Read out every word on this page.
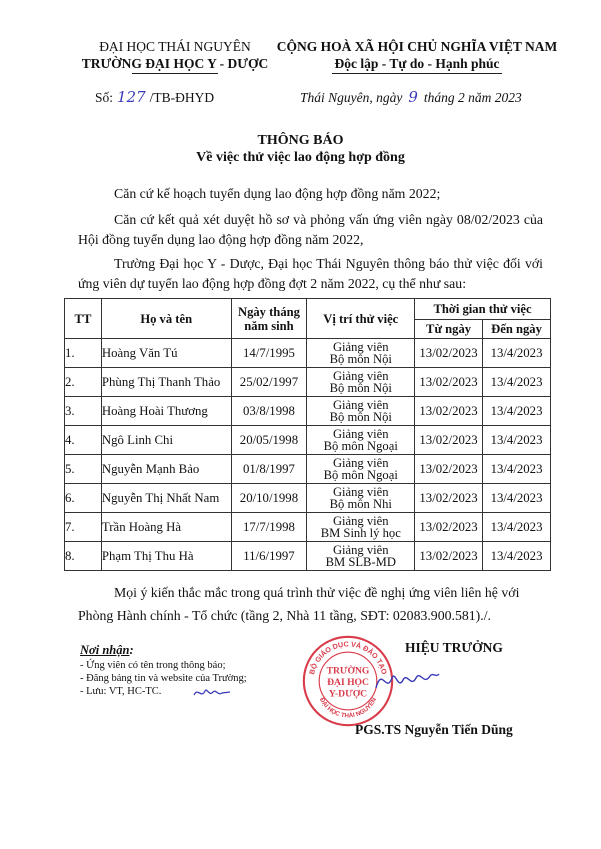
ĐẠI HỌC THÁI NGUYÊN
TRƯỜNG ĐẠI HỌC Y - DƯỢC
CỘNG HOÀ XÃ HỘI CHỦ NGHĨA VIỆT NAM
Độc lập - Tự do - Hạnh phúc
Số: 127 /TB-ĐHYD	Thái Nguyên, ngày 9 tháng 2 năm 2023
THÔNG BÁO
Về việc thử việc lao động hợp đồng
Căn cứ kế hoạch tuyển dụng lao động hợp đồng năm 2022;
Căn cứ kết quả xét duyệt hồ sơ và phỏng vấn ứng viên ngày 08/02/2023 của Hội đồng tuyển dụng lao động hợp đồng năm 2022,
Trường Đại học Y - Dược, Đại học Thái Nguyên thông báo thử việc đối với ứng viên dự tuyển lao động hợp đồng đợt 2 năm 2022, cụ thể như sau:
TT	Họ và tên	Ngày tháng năm sinh	Vị trí thử việc	Thời gian thử việc	
				Từ ngày	Đến ngày
1.	Hoàng Văn Tú	14/7/1995	Giảng viên
Bộ môn Nội	13/02/2023	13/4/2023
2.	Phùng Thị Thanh Thảo	25/02/1997	Giảng viên
Bộ môn Nội	13/02/2023	13/4/2023
3.	Hoàng Hoài Thương	03/8/1998	Giảng viên
Bộ môn Nội	13/02/2023	13/4/2023
4.	Ngô Linh Chi	20/05/1998	Giảng viên
Bộ môn Ngoại	13/02/2023	13/4/2023
5.	Nguyễn Mạnh Bảo	01/8/1997	Giảng viên
Bộ môn Ngoại	13/02/2023	13/4/2023
6.	Nguyễn Thị Nhất Nam	20/10/1998	Giảng viên
Bộ môn Nhi	13/02/2023	13/4/2023
7.	Trần Hoàng Hà	17/7/1998	Giảng viên
BM Sinh lý học	13/02/2023	13/4/2023
8.	Phạm Thị Thu Hà	11/6/1997	Giảng viên
BM SLB-MD	13/02/2023	13/4/2023
Mọi ý kiến thắc mắc trong quá trình thử việc đề nghị ứng viên liên hệ với Phòng Hành chính - Tổ chức (tầng 2, Nhà 11 tầng, SĐT: 02083.900.581)./.
Nơi nhận:
- Ứng viên có tên trong thông báo;
- Đăng bảng tin và website của Trường;
- Lưu: VT, HC-TC.
HIỆU TRƯỞNG
BỘ GIÁO DỤC VÀ ĐÀO TẠO
ĐẠI HỌC THÁI NGUYÊN
TRƯỜNG
ĐẠI HỌC
Y-DƯỢC
PGS.TS Nguyễn Tiến Dũng
